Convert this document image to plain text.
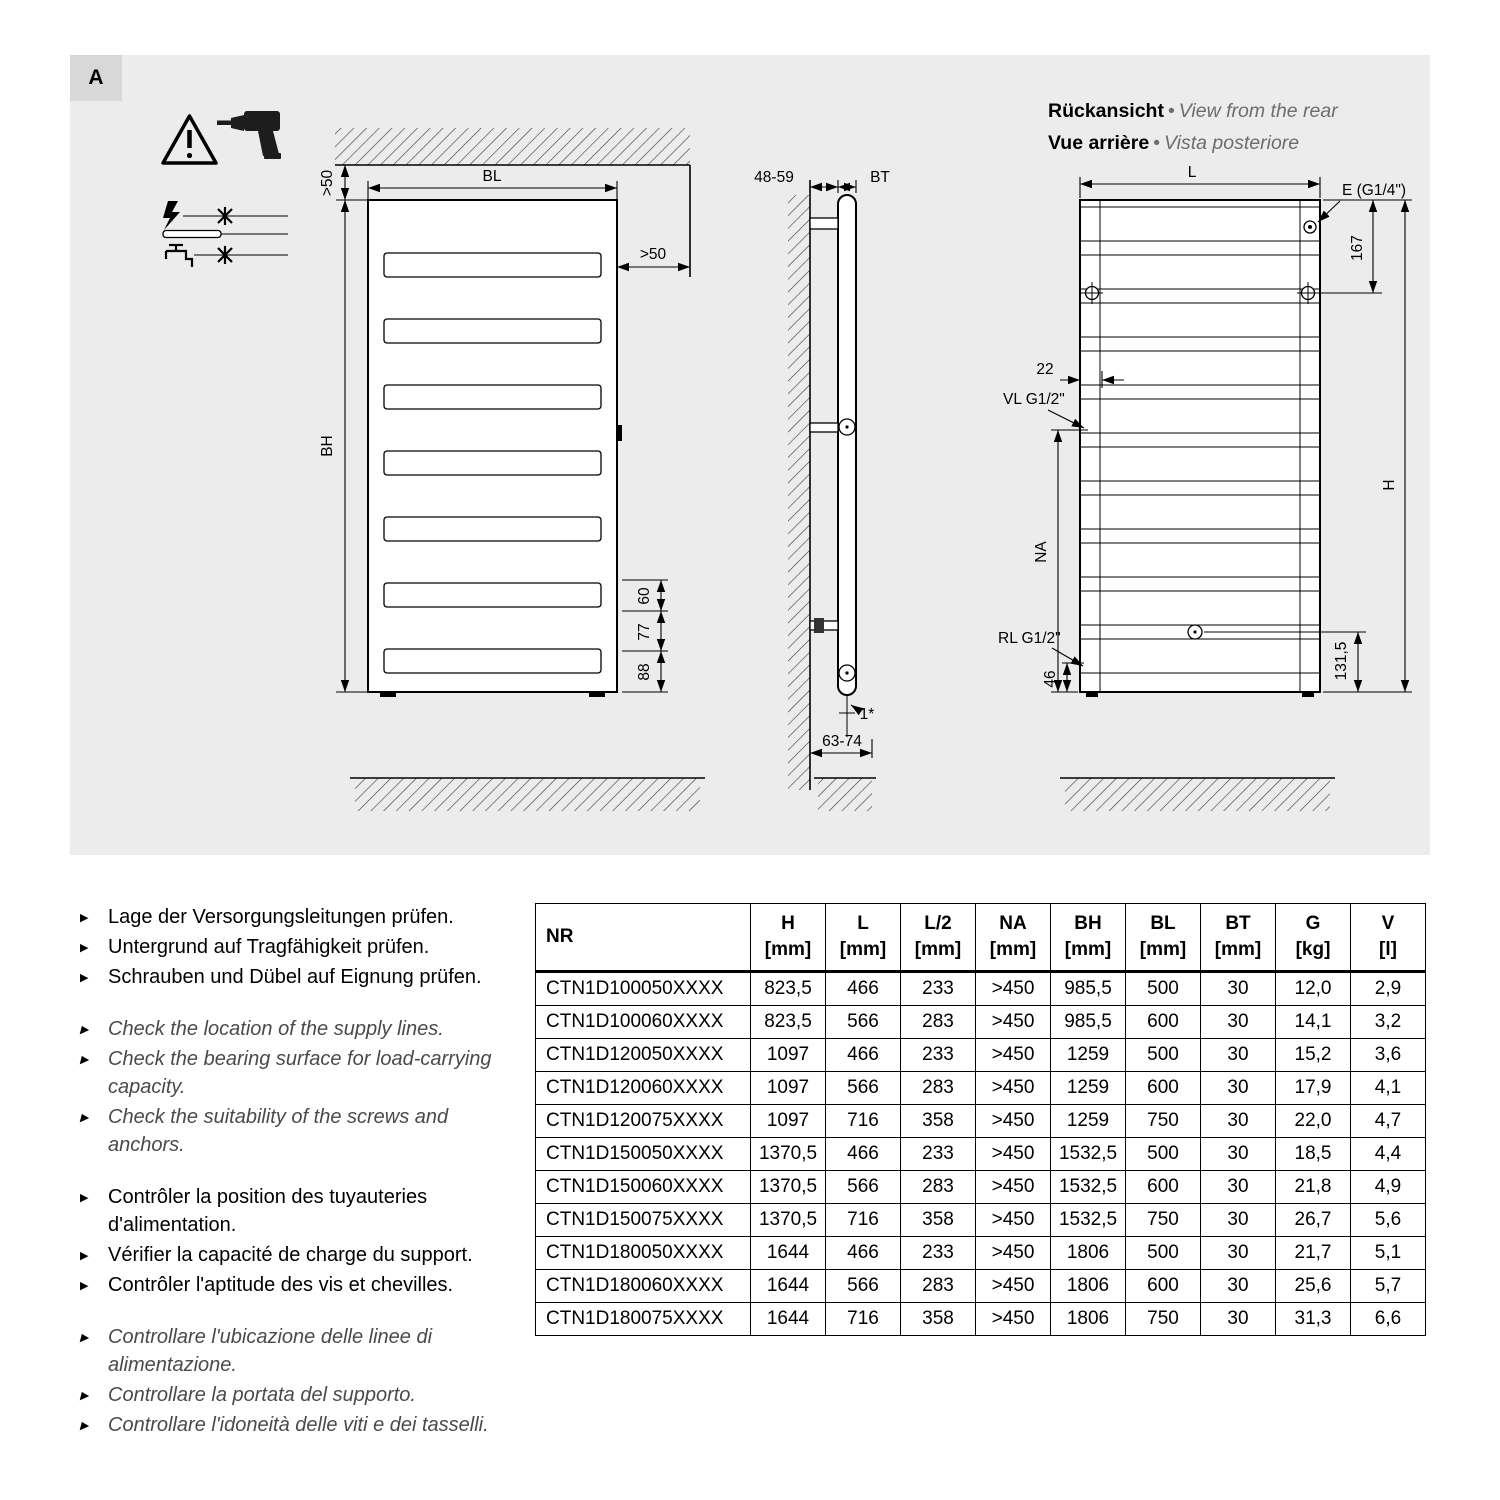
A
Rückansicht • View from the rear
Vue arrière • Vista posteriore
BL
>50
BH
>50
60
77
88
48-59	BT
1*
63-74
L
E (G1/4")
167
H
131,5
22
VL G1/2"
NA
RL G1/2"
46
▶ Lage der Versorgungsleitungen prüfen.
▶ Untergrund auf Tragfähigkeit prüfen.
▶ Schrauben und Dübel auf Eignung prüfen.
▶ Check the location of the supply lines.
▶ Check the bearing surface for load-carrying capacity.
▶ Check the suitability of the screws and anchors.
▶ Contrôler la position des tuyauteries d'alimentation.
▶ Vérifier la capacité de charge du support.
▶ Contrôler l'aptitude des vis et chevilles.
▶ Controllare l'ubicazione delle linee di alimentazione.
▶ Controllare la portata del supporto.
▶ Controllare l'idoneità delle viti e dei tasselli.
NR

H
[mm]

L
[mm]

L/2
[mm]

NA
[mm]

BH
[mm]

BL
[mm]

BT
[mm]

G
[kg]

V
[l]

CTN1D100050XXXX	823,5	466	233	>450	985,5	500	30	12,0	2,9
CTN1D100060XXXX	823,5	566	283	>450	985,5	600	30	14,1	3,2
CTN1D120050XXXX	1097	466	233	>450	1259	500	30	15,2	3,6
CTN1D120060XXXX	1097	566	283	>450	1259	600	30	17,9	4,1
CTN1D120075XXXX	1097	716	358	>450	1259	750	30	22,0	4,7
CTN1D150050XXXX	1370,5	466	233	>450	1532,5	500	30	18,5	4,4
CTN1D150060XXXX	1370,5	566	283	>450	1532,5	600	30	21,8	4,9
CTN1D150075XXXX	1370,5	716	358	>450	1532,5	750	30	26,7	5,6
CTN1D180050XXXX	1644	466	233	>450	1806	500	30	21,7	5,1
CTN1D180060XXXX	1644	566	283	>450	1806	600	30	25,6	5,7
CTN1D180075XXXX	1644	716	358	>450	1806	750	30	31,3	6,6
